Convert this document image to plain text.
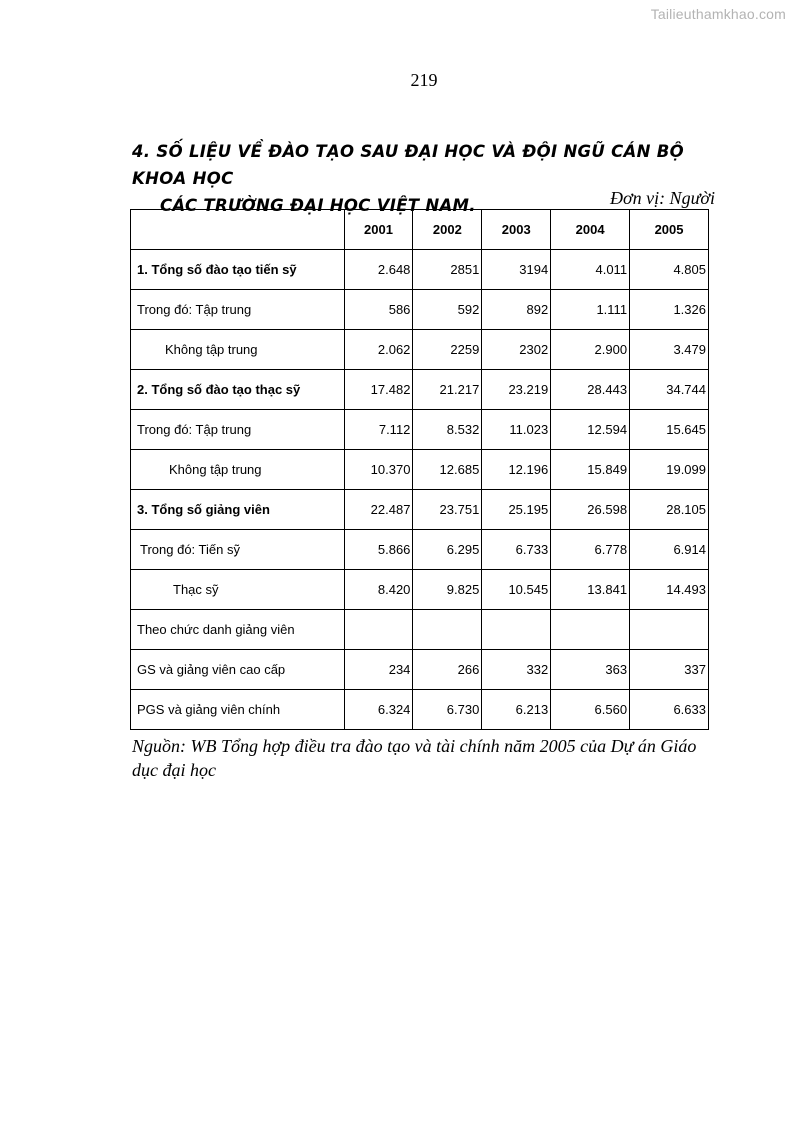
Tailieuthamkhao.com
219
4. SỐ LIỆU VỀ ĐÀO TẠO SAU ĐẠI HỌC VÀ ĐỘI NGŨ CÁN BỘ KHOA HỌC
CÁC TRƯỜNG ĐẠI HỌC VIỆT NAM.	Đơn vị: Người
	2001	2002	2003	2004	2005
1. Tổng số đào tạo tiến sỹ	2.648	2851	3194	4.011	4.805
Trong đó: Tập trung	586	592	892	1.111	1.326
Không tập trung	2.062	2259	2302	2.900	3.479
2. Tổng số đào tạo thạc sỹ	17.482	21.217	23.219	28.443	34.744
Trong đó: Tập trung	7.112	8.532	11.023	12.594	15.645
Không tập trung	10.370	12.685	12.196	15.849	19.099
3. Tổng số giảng viên	22.487	23.751	25.195	26.598	28.105
Trong đó: Tiến sỹ	5.866	6.295	6.733	6.778	6.914
Thạc sỹ	8.420	9.825	10.545	13.841	14.493
Theo chức danh giảng viên					
GS và giảng viên cao cấp	234	266	332	363	337
PGS và giảng viên chính	6.324	6.730	6.213	6.560	6.633
Nguồn: WB Tổng hợp điều tra đào tạo và tài chính năm 2005 của Dự án Giáo dục đại học
